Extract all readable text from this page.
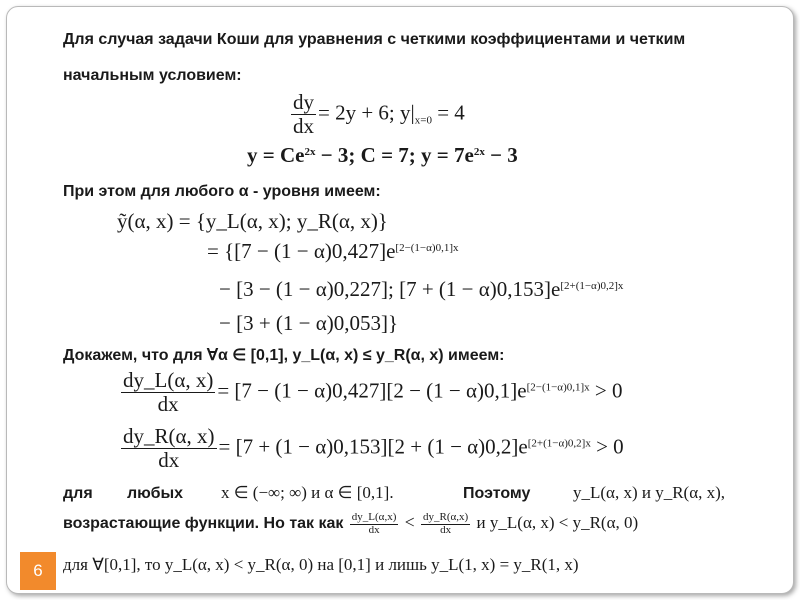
Для случая задачи Коши для уравнения с четкими коэффициентами и четким
начальным условием:
$\frac{dy}{dx} = 2y + 6$; $y|_{x=0} = 4$
$y = Ce^{2x} - 3$; C = 7; $y = 7e^{2x} - 3$
При этом для любого α - уровня имеем:
ỹ(α, x) = {y_L(α, x); y_R(α, x)}
= {$[7 - (1 - \alpha)0,427]e^{[2-(1-\alpha)0,1]x}$
− [3 − (1 − α)0,227]; $[7 + (1 - \alpha)0,153]e^{[2+(1-\alpha)0,2]x}$
− [3 + (1 − α)0,053]}
Докажем, что для ∀α ∈ [0,1], y_L(α, x) ≤ y_R(α, x) имеем:
$\frac{dy\_L(\alpha, x)}{dx} = [7 - (1 - \alpha)0,427][2 - (1 - \alpha)0,1]e^{[2-(1-\alpha)0,1]x} > 0$
$\frac{dy\_R(\alpha, x)}{dx} = [7 + (1 - \alpha)0,153][2 + (1 - \alpha)0,2]e^{[2+(1-\alpha)0,2]x} > 0$
для любых x ∈ (−∞; ∞) и α ∈ [0,1].	Поэтому	y_L(α, x) и y_R(α, x),
возрастающие функции. Но так как $\frac{dy\_L(\alpha,x)}{dx} < \frac{dy\_R(\alpha,x)}{dx}$ и y_L(α, x) < y_R(α, 0)
для ∀[0,1], то y_L(α, x) < y_R(α, 0) на [0,1] и лишь y_L(1, x) = y_R(1, x)
6
